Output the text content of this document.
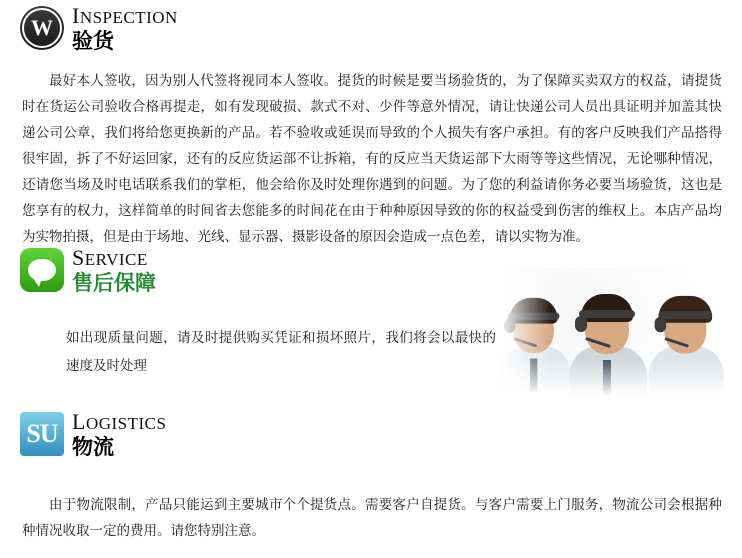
W INSPECTION
验货
最好本人签收，因为别人代签将视同本人签收。提货的时候是要当场验货的，为了保障买卖双方的权益，请提货时在货运公司验收合格再提走，如有发现破损、款式不对、少件等意外情况，请让快递公司人员出具证明并加盖其快递公司公章，我们将给您更换新的产品。若不验收或延误而导致的个人损失有客户承担。有的客户反映我们产品搭得很牢固，拆了不好运回家，还有的反应货运部不让拆箱，有的反应当天货运部下大雨等等这些情况，无论哪种情况，还请您当场及时电话联系我们的掌柜，他会给你及时处理你遇到的问题。为了您的利益请你务必要当场验货，这也是您享有的权力，这样简单的时间省去您能多的时间花在由于种种原因导致的你的权益受到伤害的维权上。本店产品均为实物拍摄，但是由于场地、光线、显示器、摄影设备的原因会造成一点色差，请以实物为准。
SERVICE
售后保障
如出现质量问题，请及时提供购买凭证和损坏照片，我们将会以最快的速度及时处理
SU LOGISTICS
物流
由于物流限制，产品只能运到主要城市个个提货点。需要客户自提货。与客户需要上门服务，物流公司会根据种种情况收取一定的费用。请您特别注意。
